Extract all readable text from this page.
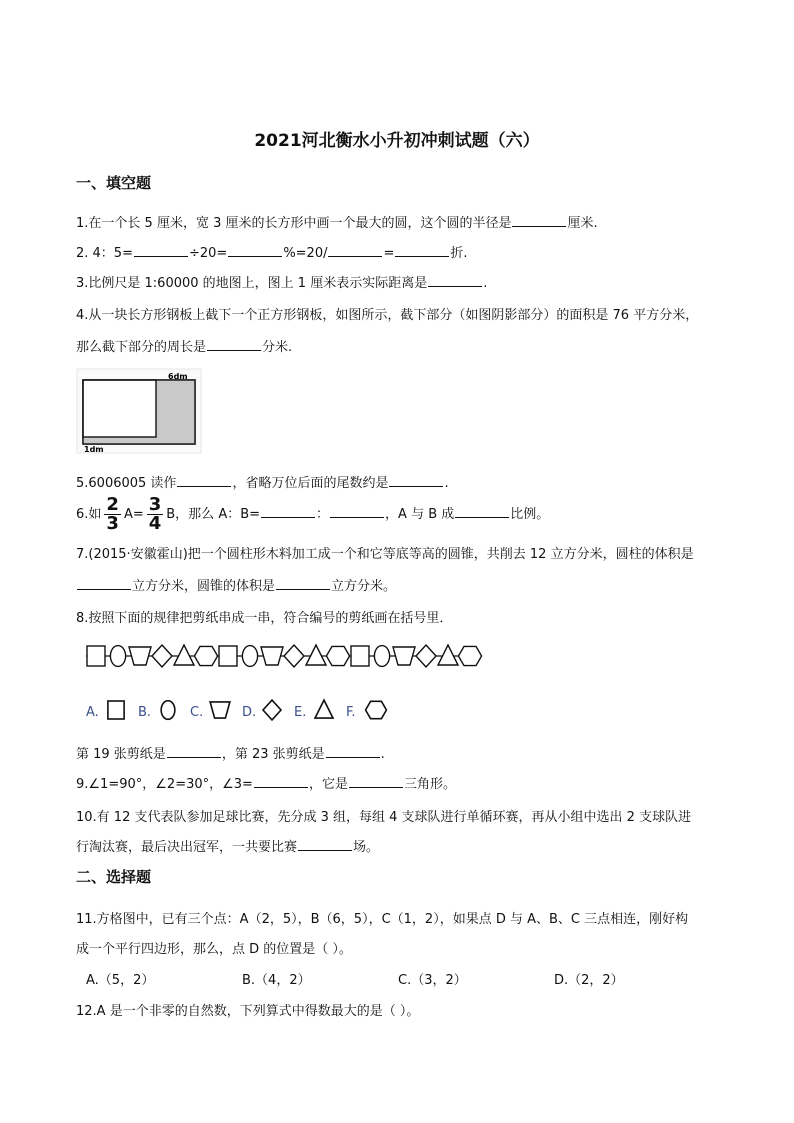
2021河北衡水小升初冲刺试题（六）
一、填空题
1.在一个长 5 厘米，宽 3 厘米的长方形中画一个最大的圆，这个圆的半径是	厘米.
2. 4：5=	÷20=	%=20/	=	折.
3.比例尺是 1:60000 的地图上，图上 1 厘米表示实际距离是	.
4.从一块长方形钢板上截下一个正方形钢板，如图所示，截下部分（如图阴影部分）的面积是 76 平方分米，
那么截下部分的周长是	分米.
6dm
1dm
5.6006005 读作	，省略万位后面的尾数约是	.
6.如 $\frac{2}{3} A= \frac{3}{4}$ B，那么 A：B=	：	，A 与 B 成	比例。
7.(2015·安徽霍山)把一个圆柱形木料加工成一个和它等底等高的圆锥，共削去 12 立方分米，圆柱的体积是
立方分米，圆锥的体积是	立方分米。
8.按照下面的规律把剪纸串成一串，符合编号的剪纸画在括号里．
A.	B.	C.	D.	E.	F.
第 19 张剪纸是	，第 23 张剪纸是	.
9.∠1=90°，∠2=30°，∠3=	，它是	三角形。
10.有 12 支代表队参加足球比赛，先分成 3 组，每组 4 支球队进行单循环赛，再从小组中选出 2 支球队进
行淘汰赛，最后决出冠军，一共要比赛	场。
二、选择题
11.方格图中，已有三个点：A（2，5），B（6，5），C（1，2），如果点 D 与 A、B、C 三点相连，刚好构
成一个平行四边形，那么，点 D 的位置是（ ）。
A.（5，2）	B.（4，2）	C.（3，2）	D.（2，2）
12.A 是一个非零的自然数，下列算式中得数最大的是（ ）。
